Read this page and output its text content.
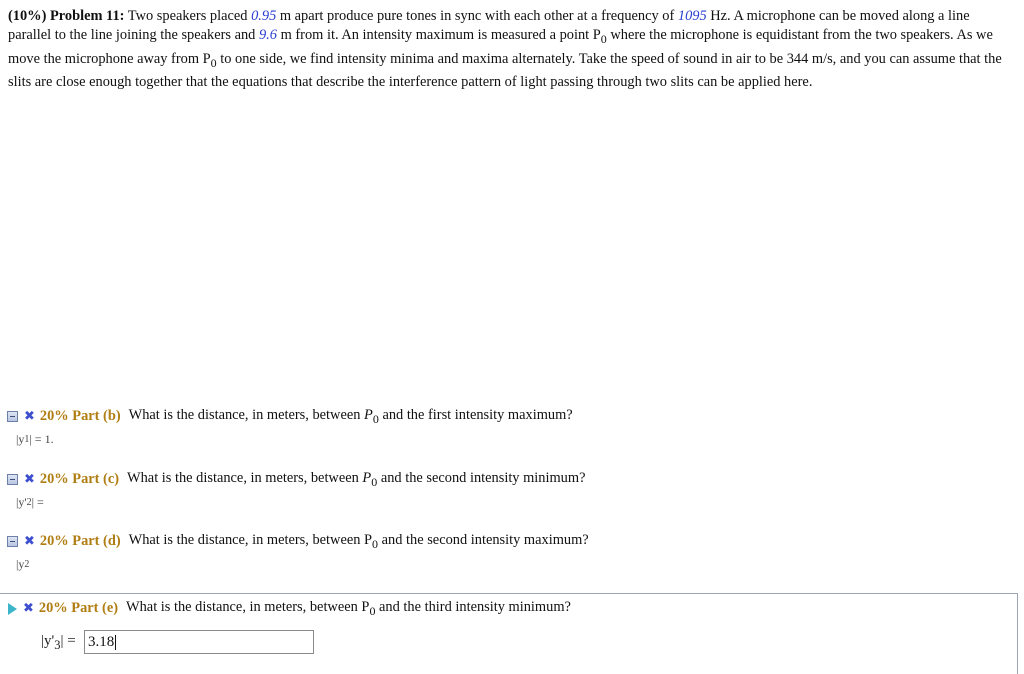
(10%) Problem 11: Two speakers placed 0.95 m apart produce pure tones in sync with each other at a frequency of 1095 Hz. A microphone can be moved along a line parallel to the line joining the speakers and 9.6 m from it. An intensity maximum is measured a point $P_0$ where the microphone is equidistant from the two speakers. As we move the microphone away from $P_0$ to one side, we find intensity minima and maxima alternately. Take the speed of sound in air to be 344 m/s, and you can assume that the slits are close enough together that the equations that describe the interference pattern of light passing through two slits can be applied here.
✖ 20% Part (b) What is the distance, in meters, between $P_0$ and the first intensity maximum?
|y 1 | = 1.
✖ 20% Part (c) What is the distance, in meters, between $P_0$ and the second intensity minimum?
|y' 2 | =
✖ 20% Part (d) What is the distance, in meters, between $P_0$ and the second intensity maximum?
|y 2
✖ 20% Part (e) What is the distance, in meters, between $P_0$ and the third intensity minimum?
$|y'_3| = 3.18$
